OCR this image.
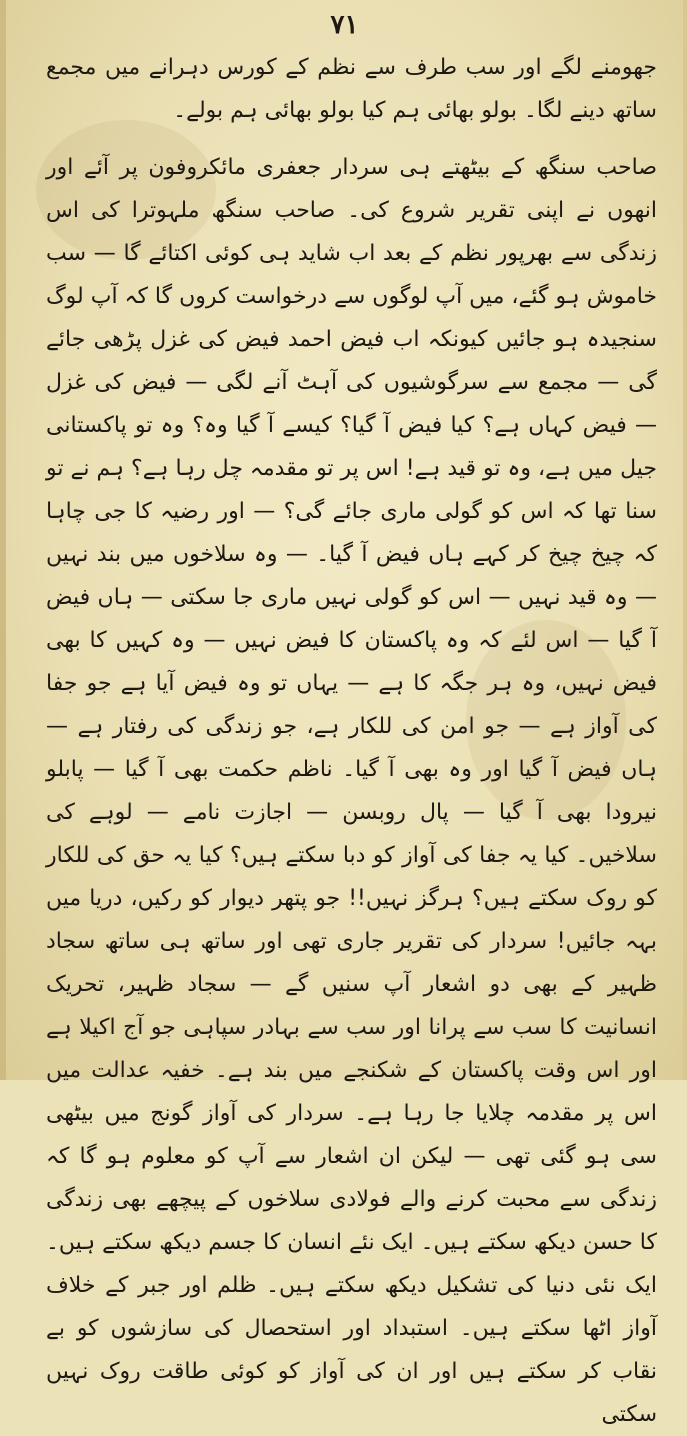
۷۱

جھومنے لگے اور سب طرف سے نظم کے کورس دہرانے میں مجمع ساتھ دینے لگا۔ بولو بھائی ہم کیا بولو بھائی ہم بولے۔

صاحب سنگھ کے بیٹھتے ہی سردار جعفری مائکروفون پر آئے اور انھوں نے اپنی تقریر شروع کی۔ صاحب سنگھ ملہوترا کی اس زندگی سے بھرپور نظم کے بعد اب شاید ہی کوئی اکتائے گا — سب خاموش ہو گئے، میں آپ لوگوں سے درخواست کروں گا کہ آپ لوگ سنجیدہ ہو جائیں کیونکہ اب فیض احمد فیض کی غزل پڑھی جائے گی — مجمع سے سرگوشیوں کی آہٹ آنے لگی — فیض کی غزل — فیض کہاں ہے؟ کیا فیض آ گیا؟ کیسے آ گیا وہ؟ وہ تو پاکستانی جیل میں ہے، وہ تو قید ہے! اس پر تو مقدمہ چل رہا ہے؟ ہم نے تو سنا تھا کہ اس کو گولی ماری جائے گی؟ — اور رضیہ کا جی چاہا کہ چیخ چیخ کر کہے ہاں فیض آ گیا۔ — وہ سلاخوں میں بند نہیں — وہ قید نہیں — اس کو گولی نہیں ماری جا سکتی — ہاں فیض آ گیا — اس لئے کہ وہ پاکستان کا فیض نہیں — وہ کہیں کا بھی فیض نہیں، وہ ہر جگہ کا ہے — یہاں تو وہ فیض آیا ہے جو جفا کی آواز ہے — جو امن کی للکار ہے، جو زندگی کی رفتار ہے — ہاں فیض آ گیا اور وہ بھی آ گیا۔ ناظم حکمت بھی آ گیا — پابلو نیرودا بھی آ گیا — پال روبسن — اجازت نامے — لوہے کی سلاخیں۔ کیا یہ جفا کی آواز کو دبا سکتے ہیں؟ کیا یہ حق کی للکار کو روک سکتے ہیں؟ ہرگز نہیں!! جو پتھر دیوار کو رکیں، دریا میں بہہ جائیں! سردار کی تقریر جاری تھی اور ساتھ ہی ساتھ سجاد ظہیر کے بھی دو اشعار آپ سنیں گے — سجاد ظہیر، تحریک انسانیت کا سب سے پرانا اور سب سے بہادر سپاہی جو آج اکیلا ہے اور اس وقت پاکستان کے شکنجے میں بند ہے۔ خفیہ عدالت میں اس پر مقدمہ چلایا جا رہا ہے۔ سردار کی آواز گونج میں بیٹھی سی ہو گئی تھی — لیکن ان اشعار سے آپ کو معلوم ہو گا کہ زندگی سے محبت کرنے والے فولادی سلاخوں کے پیچھے بھی زندگی کا حسن دیکھ سکتے ہیں۔ ایک نئے انسان کا جسم دیکھ سکتے ہیں۔ ایک نئی دنیا کی تشکیل دیکھ سکتے ہیں۔ ظلم اور جبر کے خلاف آواز اٹھا سکتے ہیں۔ استبداد اور استحصال کی سازشوں کو بے نقاب کر سکتے ہیں اور ان کی آواز کو کوئی طاقت روک نہیں سکتی
